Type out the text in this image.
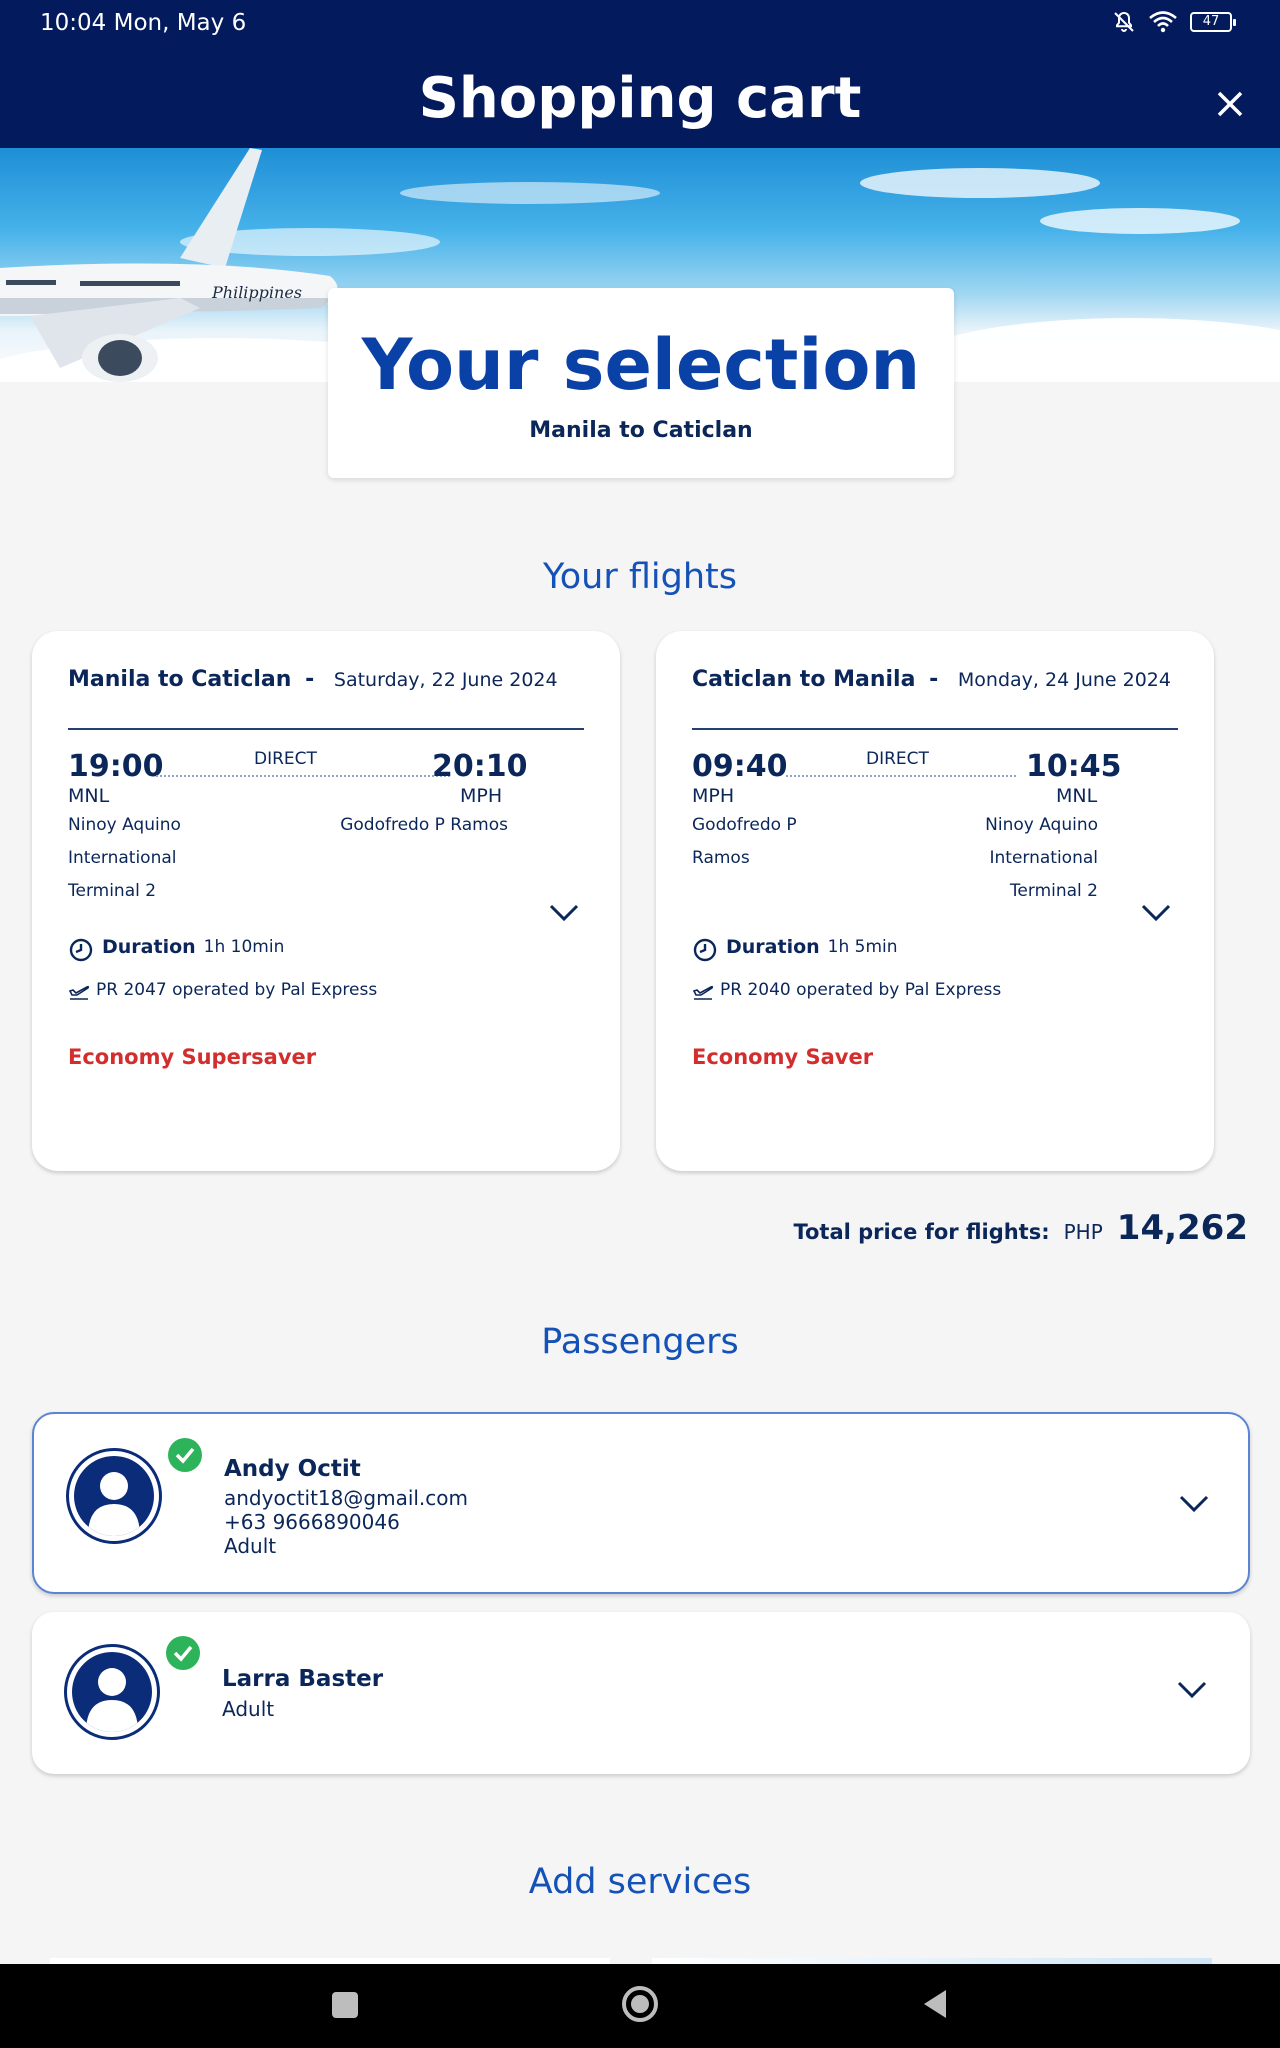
10:04 Mon, May 6	47
Shopping cart
Philippines
Your selection
Manila to Caticlan
Your flights
Manila to Caticlan - Saturday, 22 June 2024
19:00	DIRECT	20:10
MNL	MPH
Ninoy Aquino
International
Terminal 2
Godofredo P Ramos
Duration 1h 10min
PR 2047 operated by Pal Express
Economy Supersaver
Caticlan to Manila - Monday, 24 June 2024
09:40	DIRECT	10:45
MPH	MNL
Godofredo P
Ramos
Ninoy Aquino
International
Terminal 2
Duration 1h 5min
PR 2040 operated by Pal Express
Economy Saver
Total price for flights: PHP 14,262
Passengers
Andy Octit
andyoctit18@gmail.com
+63 9666890046
Adult
Larra Baster
Adult
Add services
